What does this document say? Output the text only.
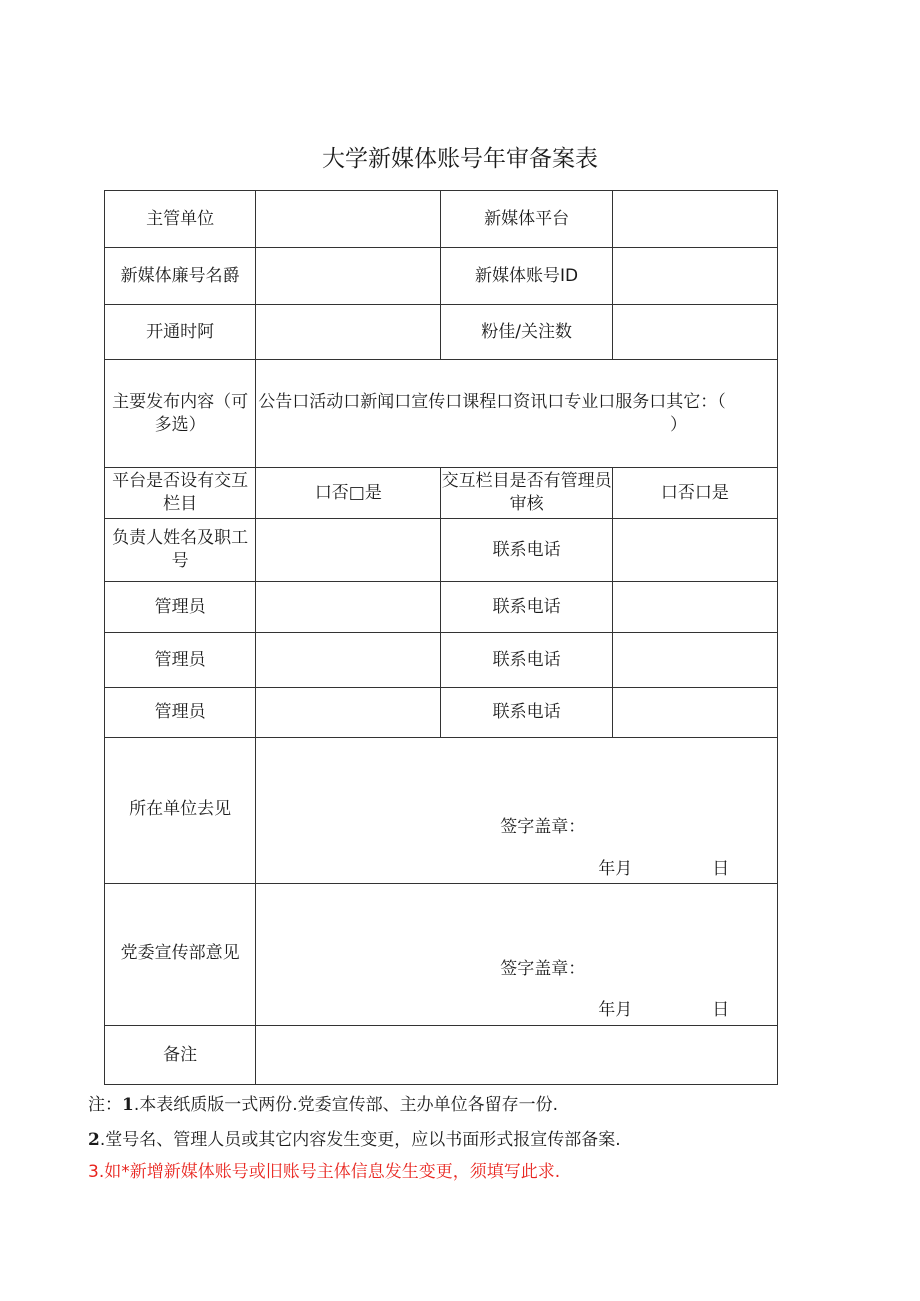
大学新媒体账号年审备案表
主管单位		新媒体平台	
新媒体廉号名爵		新媒体账号ID	
开通时阿		粉佳/关注数	
主要发布内容（可多选）	公告口活动口新闻口宣传口课程口资讯口专业口服务口其它：（
）		

平台是否设有交互栏目	口否□是	交互栏目是否有管理员审核	口否口是
负责人姓名及职工号		联系电话	
管理员		联系电话	
管理员		联系电话	
管理员		联系电话	
所在单位去见	签字盖章：
年月 日		

党委宣传部意见	签字盖章：
年月 日		

备注			
注：1.本表纸质版一式两份.党委宣传部、主办单位各留存一份.
2.堂号名、管理人员或其它内容发生变更，应以书面形式报宣传部备案.
3.如*新增新媒体账号或旧账号主体信息发生变更，须填写此求.
